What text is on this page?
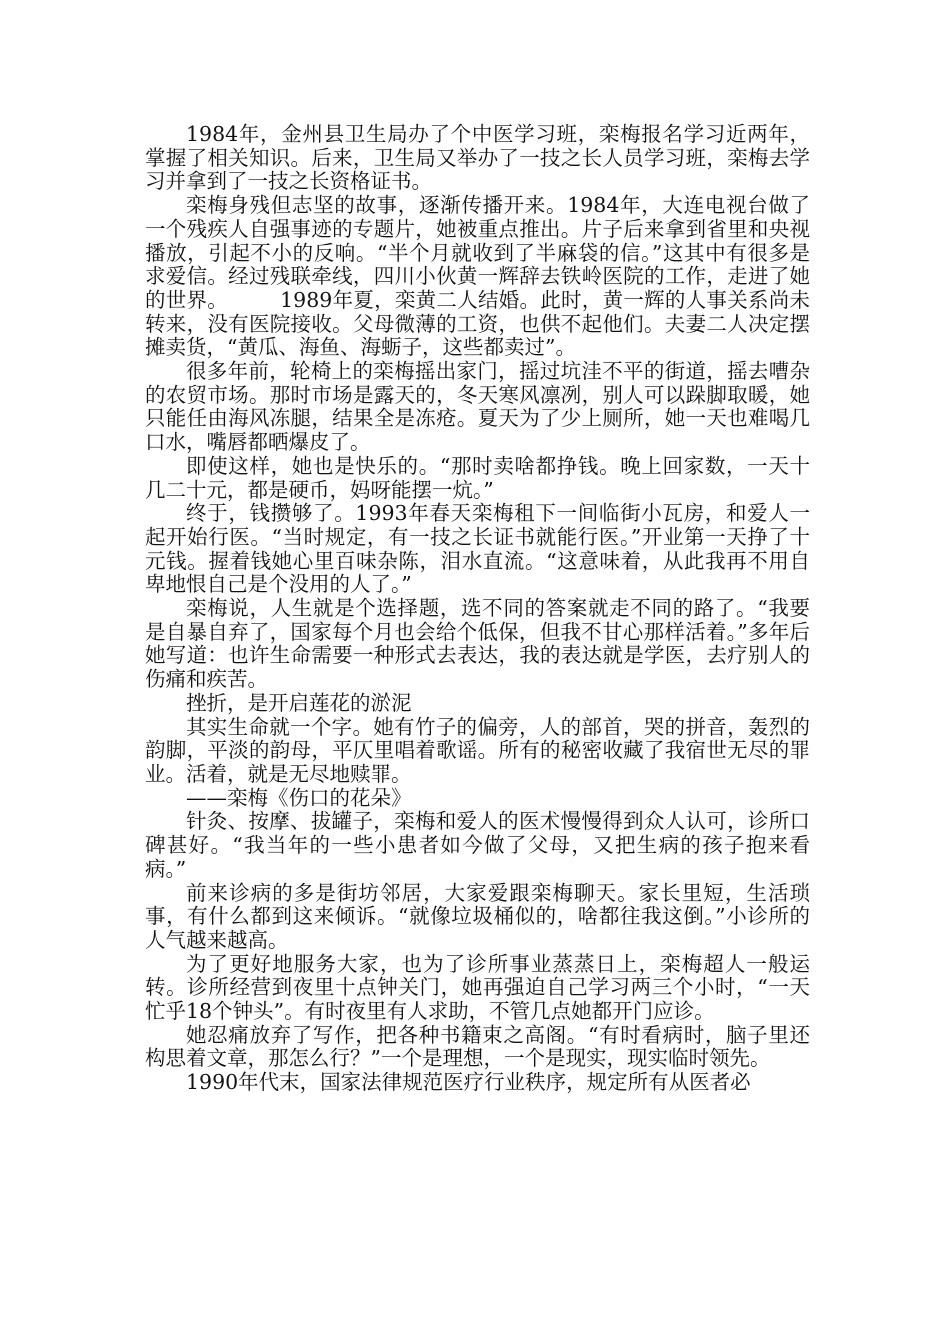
1984年，金州县卫生局办了个中医学习班，栾梅报名学习近两年，掌握了相关知识。后来，卫生局又举办了一技之长人员学习班，栾梅去学习并拿到了一技之长资格证书。

栾梅身残但志坚的故事，逐渐传播开来。1984年，大连电视台做了一个残疾人自强事迹的专题片，她被重点推出。片子后来拿到省里和央视播放，引起不小的反响。“半个月就收到了半麻袋的信。”这其中有很多是求爱信。经过残联牵线，四川小伙黄一辉辞去铁岭医院的工作，走进了她的世界。　　　1989年夏，栾黄二人结婚。此时，黄一辉的人事关系尚未转来，没有医院接收。父母微薄的工资，也供不起他们。夫妻二人决定摆摊卖货，“黄瓜、海鱼、海蛎子，这些都卖过”。

很多年前，轮椅上的栾梅摇出家门，摇过坑洼不平的街道，摇去嘈杂的农贸市场。那时市场是露天的，冬天寒风凛冽，别人可以跺脚取暖，她只能任由海风冻腿，结果全是冻疮。夏天为了少上厕所，她一天也难喝几口水，嘴唇都晒爆皮了。

即使这样，她也是快乐的。“那时卖啥都挣钱。晚上回家数，一天十几二十元，都是硬币，妈呀能摆一炕。”

终于，钱攒够了。1993年春天栾梅租下一间临街小瓦房，和爱人一起开始行医。“当时规定，有一技之长证书就能行医。”开业第一天挣了十元钱。握着钱她心里百味杂陈，泪水直流。“这意味着，从此我再不用自卑地恨自己是个没用的人了。”

栾梅说，人生就是个选择题，选不同的答案就走不同的路了。“我要是自暴自弃了，国家每个月也会给个低保，但我不甘心那样活着。”多年后她写道：也许生命需要一种形式去表达，我的表达就是学医，去疗别人的伤痛和疾苦。

挫折，是开启莲花的淤泥

其实生命就一个字。她有竹子的偏旁，人的部首，哭的拼音，轰烈的韵脚，平淡的韵母，平仄里唱着歌谣。所有的秘密收藏了我宿世无尽的罪业。活着，就是无尽地赎罪。

——栾梅《伤口的花朵》

针灸、按摩、拔罐子，栾梅和爱人的医术慢慢得到众人认可，诊所口碑甚好。“我当年的一些小患者如今做了父母，又把生病的孩子抱来看病。”

前来诊病的多是街坊邻居，大家爱跟栾梅聊天。家长里短，生活琐事，有什么都到这来倾诉。“就像垃圾桶似的，啥都往我这倒。”小诊所的人气越来越高。

为了更好地服务大家，也为了诊所事业蒸蒸日上，栾梅超人一般运转。诊所经营到夜里十点钟关门，她再强迫自己学习两三个小时，“一天忙乎18个钟头”。有时夜里有人求助，不管几点她都开门应诊。

她忍痛放弃了写作，把各种书籍束之高阁。“有时看病时，脑子里还构思着文章，那怎么行？”一个是理想，一个是现实，现实临时领先。

1990年代末，国家法律规范医疗行业秩序，规定所有从医者必
